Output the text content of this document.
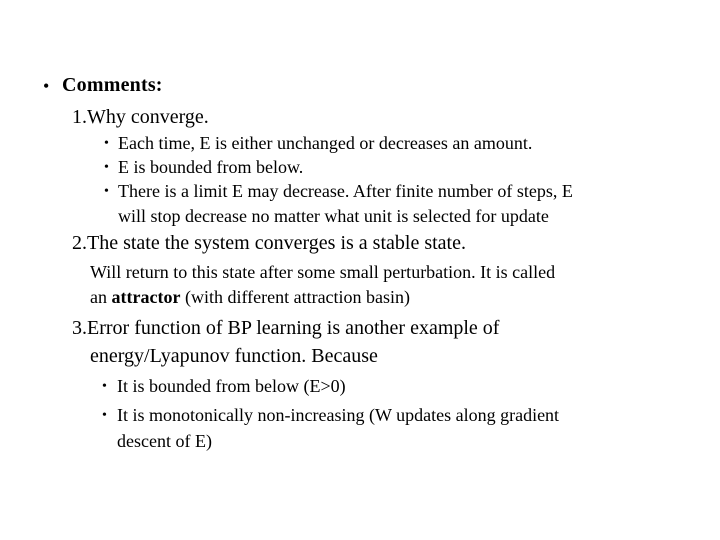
• Comments:
1.Why converge.
• Each time, E is either unchanged or decreases an amount.
• E is bounded from below.
• There is a limit E may decrease. After finite number of steps, E
will stop decrease no matter what unit is selected for update
2.The state the system converges is a stable state.
Will return to this state after some small perturbation. It is called
an attractor (with different attraction basin)
3.Error function of BP learning is another example of
energy/Lyapunov function. Because
• It is bounded from below (E>0)
• It is monotonically non-increasing (W updates along gradient
descent of E)
